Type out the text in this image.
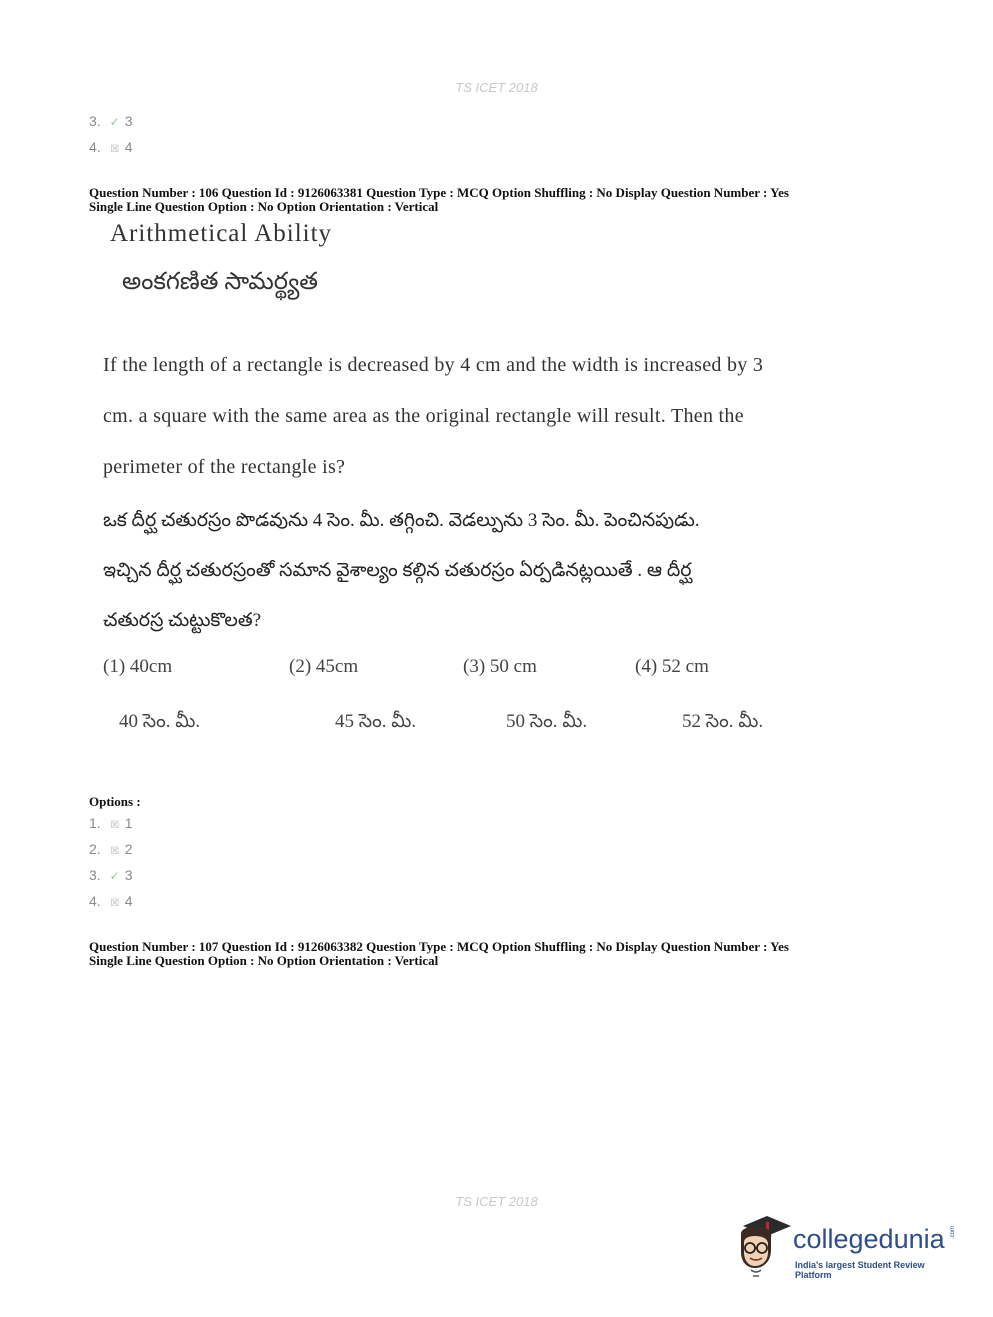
TS ICET 2018
3. ✓ 3
4. ☒ 4
Question Number : 106 Question Id : 9126063381 Question Type : MCQ Option Shuffling : No Display Question Number : Yes
Single Line Question Option : No Option Orientation : Vertical
Arithmetical Ability
అంకగణిత సామర్థ్యత
If the length of a rectangle is decreased by 4 cm and the width is increased by 3
cm. a square with the same area as the original rectangle will result. Then the
perimeter of the rectangle is?
ఒక దీర్ఘ చతురస్రం పొడవును 4 సెం. మీ. తగ్గించి. వెడల్పును 3 సెం. మీ. పెంచినపుడు.
ఇచ్చిన దీర్ఘ చతురస్రంతో సమాన వైశాల్యం కల్గిన చతురస్రం ఏర్పడినట్లయితే . ఆ దీర్ఘ
చతురస్ర చుట్టుకొలత?
(1) 40cm	(2) 45cm	(3) 50 cm	(4) 52 cm
40 సెం. మీ.	45 సెం. మీ.	50 సెం. మీ.	52 సెం. మీ.
Options :
1. ☒ 1
2. ☒ 2
3. ✓ 3
4. ☒ 4
Question Number : 107 Question Id : 9126063382 Question Type : MCQ Option Shuffling : No Display Question Number : Yes
Single Line Question Option : No Option Orientation : Vertical
TS ICET 2018
collegedunia .com
India's largest Student Review Platform
